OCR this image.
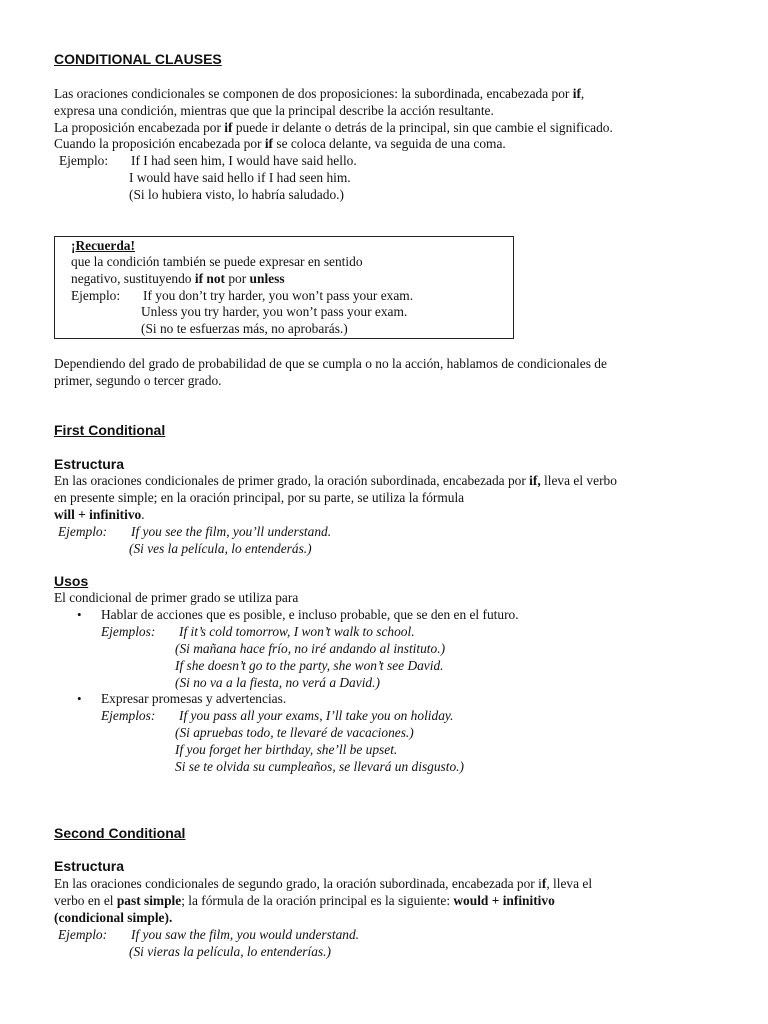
CONDITIONAL CLAUSES
Las oraciones condicionales se componen de dos proposiciones: la subordinada, encabezada por if,
expresa una condición, mientras que que la principal describe la acción resultante.
La proposición encabezada por if puede ir delante o detrás de la principal, sin que cambie el significado.
Cuando la proposición encabezada por if se coloca delante, va seguida de una coma.
Ejemplo: If I had seen him, I would have said hello.
I would have said hello if I had seen him.
(Si lo hubiera visto, lo habría saludado.)
¡Recuerda!
que la condición también se puede expresar en sentido
negativo, sustituyendo if not por unless
Ejemplo: If you don’t try harder, you won’t pass your exam.
Unless you try harder, you won’t pass your exam.
(Si no te esfuerzas más, no aprobarás.)
Dependiendo del grado de probabilidad de que se cumpla o no la acción, hablamos de condicionales de
primer, segundo o tercer grado.
First Conditional
Estructura
En las oraciones condicionales de primer grado, la oración subordinada, encabezada por if, lleva el verbo
en presente simple; en la oración principal, por su parte, se utiliza la fórmula
will + infinitivo.
Ejemplo: If you see the film, you’ll understand.
(Si ves la película, lo entenderás.)
Usos
El condicional de primer grado se utiliza para
• Hablar de acciones que es posible, e incluso probable, que se den en el futuro.
Ejemplos: If it’s cold tomorrow, I won’t walk to school.
(Si mañana hace frío, no iré andando al instituto.)
If she doesn’t go to the party, she won’t see David.
(Si no va a la fiesta, no verá a David.)
• Expresar promesas y advertencias.
Ejemplos: If you pass all your exams, I’ll take you on holiday.
(Si apruebas todo, te llevaré de vacaciones.)
If you forget her birthday, she’ll be upset.
Si se te olvida su cumpleaños, se llevará un disgusto.)
Second Conditional
Estructura
En las oraciones condicionales de segundo grado, la oración subordinada, encabezada por if, lleva el
verbo en el past simple; la fórmula de la oración principal es la siguiente: would + infinitivo
(condicional simple).
Ejemplo: If you saw the film, you would understand.
(Si vieras la película, lo entenderías.)
